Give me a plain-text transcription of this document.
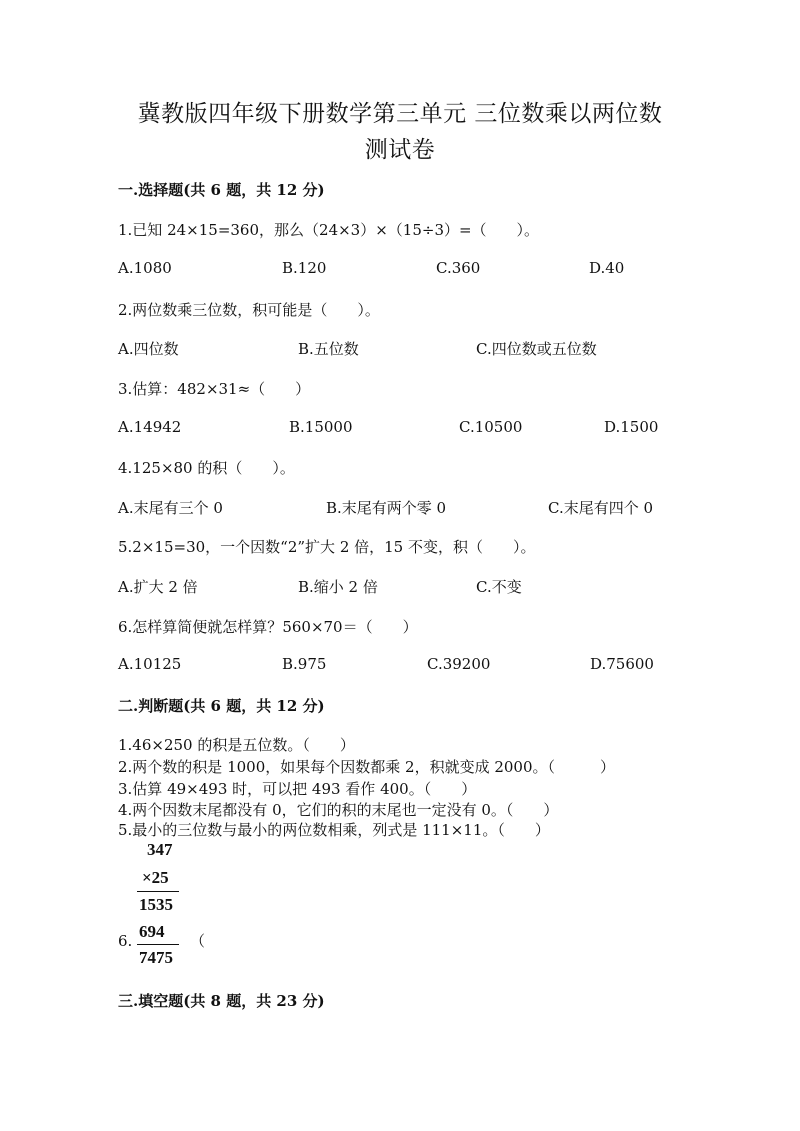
冀教版四年级下册数学第三单元 三位数乘以两位数
测试卷
一.选择题(共 6 题，共 12 分)
1.已知 24×15=360，那么（24×3）×（15÷3）=（　　）。
A.1080	B.120	C.360	D.40
2.两位数乘三位数，积可能是（　　）。
A.四位数	B.五位数	C.四位数或五位数
3.估算：482×31≈（　　）
A.14942	B.15000	C.10500	D.1500
4.125×80 的积（　　）。
A.末尾有三个 0	B.末尾有两个零 0	C.末尾有四个 0
5.2×15=30，一个因数“2”扩大 2 倍，15 不变，积（　　）。
A.扩大 2 倍	B.缩小 2 倍	C.不变
6.怎样算简便就怎样算？560×70＝（　　）
A.10125	B.975	C.39200	D.75600
二.判断题(共 6 题，共 12 分)
1.46×250 的积是五位数。（　　）
2.两个数的积是 1000，如果每个因数都乘 2，积就变成 2000。（　　　）
3.估算 49×493 时，可以把 493 看作 400。（　　）
4.两个因数末尾都没有 0，它们的积的末尾也一定没有 0。（　　）
5.最小的三位数与最小的两位数相乘，列式是 111×11。（　　）
347
×25
1535
6. 694
7475
（
三.填空题(共 8 题，共 23 分)
